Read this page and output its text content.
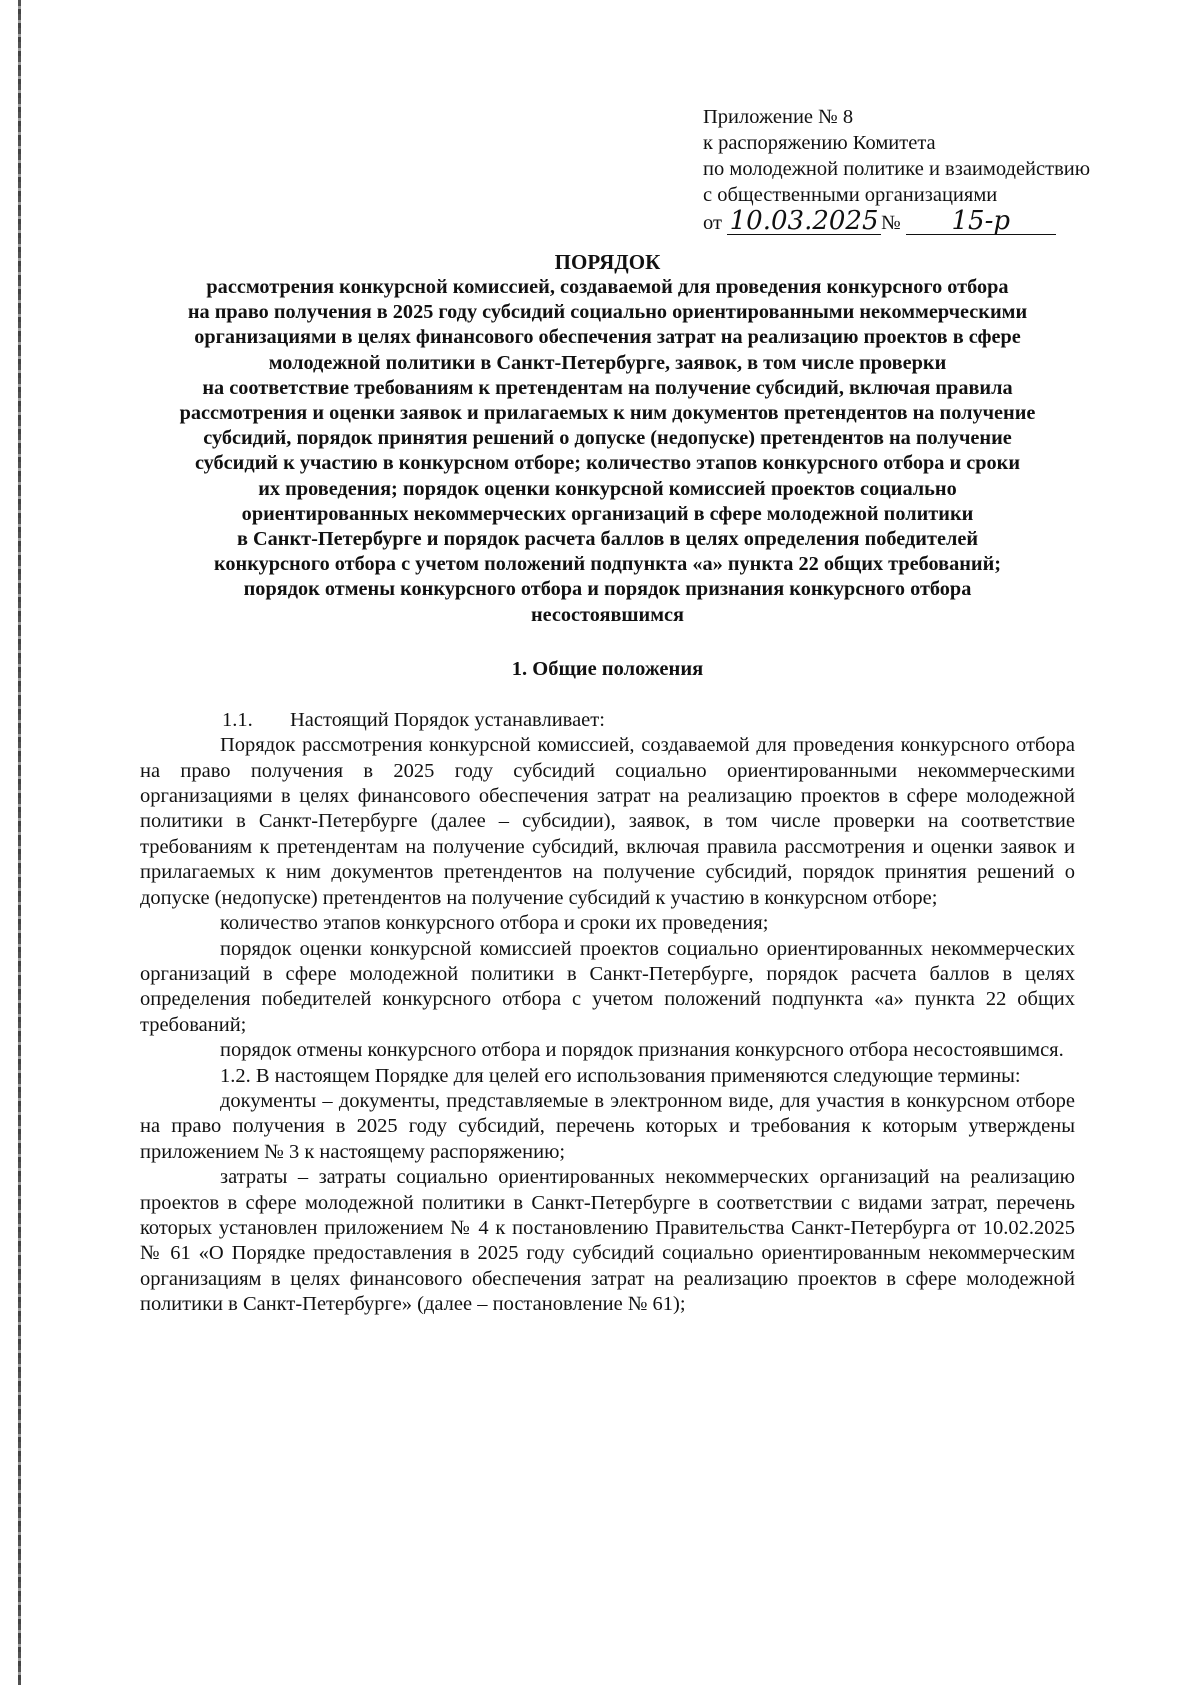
Приложение № 8
к распоряжению Комитета
по молодежной политике и взаимодействию
с общественными организациями
от 10.03.2025 № 15-р
ПОРЯДОК
рассмотрения конкурсной комиссией, создаваемой для проведения конкурсного отбора
на право получения в 2025 году субсидий социально ориентированными некоммерческими
организациями в целях финансового обеспечения затрат на реализацию проектов в сфере
молодежной политики в Санкт-Петербурге, заявок, в том числе проверки
на соответствие требованиям к претендентам на получение субсидий, включая правила
рассмотрения и оценки заявок и прилагаемых к ним документов претендентов на получение
субсидий, порядок принятия решений о допуске (недопуске) претендентов на получение
субсидий к участию в конкурсном отборе; количество этапов конкурсного отбора и сроки
их проведения; порядок оценки конкурсной комиссией проектов социально
ориентированных некоммерческих организаций в сфере молодежной политики
в Санкт-Петербурге и порядок расчета баллов в целях определения победителей
конкурсного отбора с учетом положений подпункта «а» пункта 22 общих требований;
порядок отмены конкурсного отбора и порядок признания конкурсного отбора
несостоявшимся
1. Общие положения
1.1.	Настоящий Порядок устанавливает:

Порядок рассмотрения конкурсной комиссией, создаваемой для проведения конкурсного отбора на право получения в 2025 году субсидий социально ориентированными некоммерческими организациями в целях финансового обеспечения затрат на реализацию проектов в сфере молодежной политики в Санкт-Петербурге (далее – субсидии), заявок, в том числе проверки на соответствие требованиям к претендентам на получение субсидий, включая правила рассмотрения и оценки заявок и прилагаемых к ним документов претендентов на получение субсидий, порядок принятия решений о допуске (недопуске) претендентов на получение субсидий к участию в конкурсном отборе;

количество этапов конкурсного отбора и сроки их проведения;

порядок оценки конкурсной комиссией проектов социально ориентированных некоммерческих организаций в сфере молодежной политики в Санкт-Петербурге, порядок расчета баллов в целях определения победителей конкурсного отбора с учетом положений подпункта «а» пункта 22 общих требований;

порядок отмены конкурсного отбора и порядок признания конкурсного отбора несостоявшимся.

1.2. В настоящем Порядке для целей его использования применяются следующие термины:

документы – документы, представляемые в электронном виде, для участия в конкурсном отборе на право получения в 2025 году субсидий, перечень которых и требования к которым утверждены приложением № 3 к настоящему распоряжению;

затраты – затраты социально ориентированных некоммерческих организаций на реализацию проектов в сфере молодежной политики в Санкт-Петербурге в соответствии с видами затрат, перечень которых установлен приложением № 4 к постановлению Правительства Санкт-Петербурга от 10.02.2025 № 61 «О Порядке предоставления в 2025 году субсидий социально ориентированным некоммерческим организациям в целях финансового обеспечения затрат на реализацию проектов в сфере молодежной политики в Санкт-Петербурге» (далее – постановление № 61);
